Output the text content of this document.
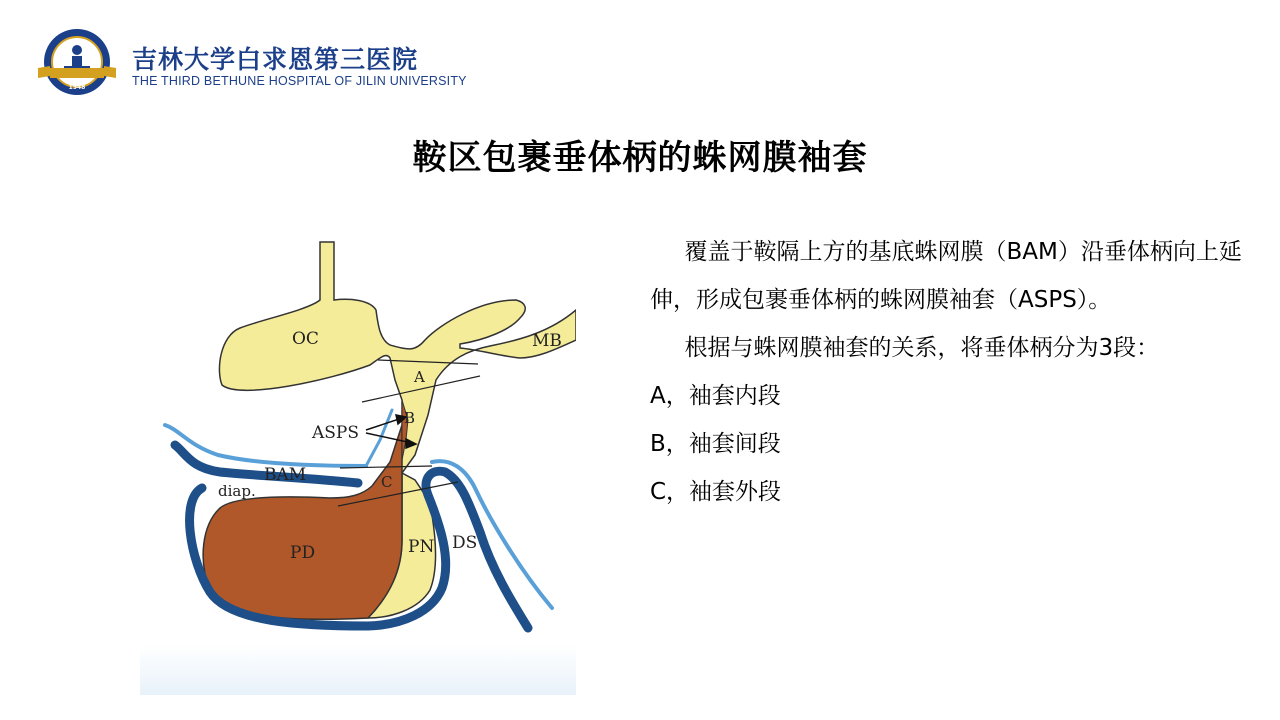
1948
吉林大学白求恩第三医院
THE THIRD BETHUNE HOSPITAL OF JILIN UNIVERSITY
鞍区包裹垂体柄的蛛网膜袖套
OC	MB
A
B
C
ASPS
BAM
diap.
PD	PN DS

覆盖于鞍隔上方的基底蛛网膜（BAM）沿垂体柄向上延伸，形成包裹垂体柄的蛛网膜袖套（ASPS）。

根据与蛛网膜袖套的关系，将垂体柄分为3段：

A，袖套内段

B，袖套间段

C，袖套外段
